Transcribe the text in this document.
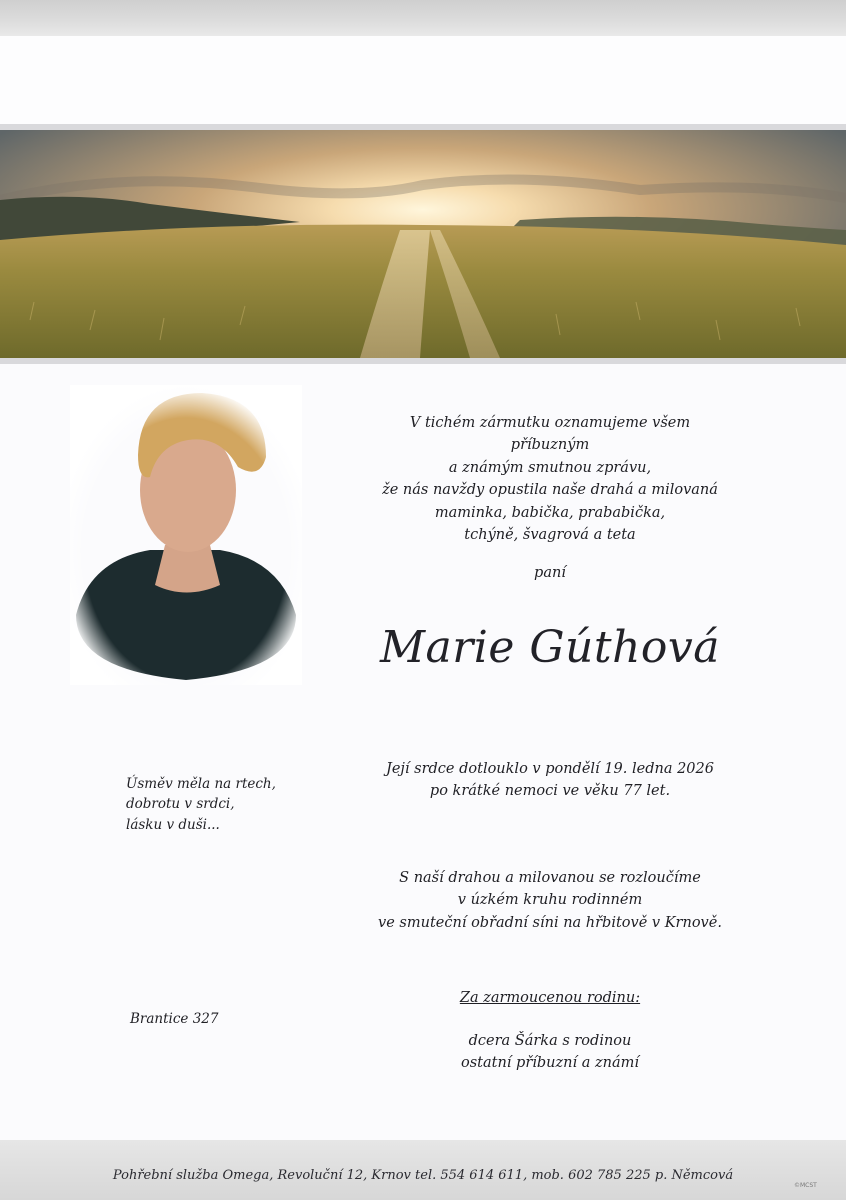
V tichém zármutku oznamujeme všem příbuzným
a známým smutnou zprávu,
že nás navždy opustila naše drahá a milovaná
maminka, babička, prababička,
tchýně, švagrová a teta
paní
Marie Gúthová
Úsměv měla na rtech,
dobrotu v srdci,
lásku v duši...
Její srdce dotlouklo v pondělí 19. ledna 2026
po krátké nemoci ve věku 77 let.
S naší drahou a milovanou se rozloučíme
v úzkém kruhu rodinném
ve smuteční obřadní síni na hřbitově v Krnově.
Za zarmoucenou rodinu:
dcera Šárka s rodinou
ostatní příbuzní a známí
Brantice 327
Pohřební služba Omega, Revoluční 12, Krnov tel. 554 614 611, mob. 602 785 225 p. Němcová
©MCST
